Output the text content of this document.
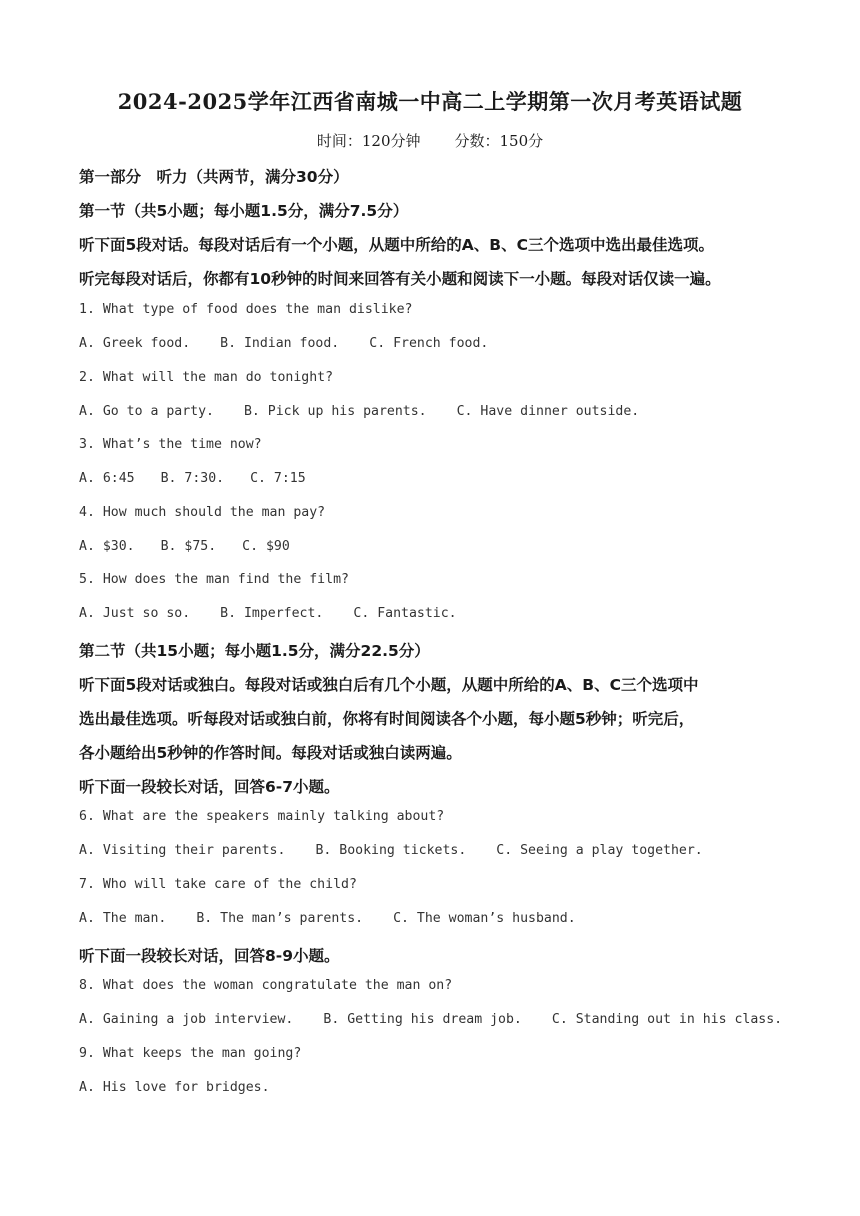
2024-2025学年江西省南城一中高二上学期第一次月考英语试题
时间：120分钟 分数：150分
第一部分　听力（共两节，满分30分）
第一节（共5小题；每小题1.5分，满分7.5分）
听下面5段对话。每段对话后有一个小题，从题中所给的A、B、C三个选项中选出最佳选项。
听完每段对话后，你都有10秒钟的时间来回答有关小题和阅读下一小题。每段对话仅读一遍。
1. What type of food does the man dislike?
A. Greek food. B. Indian food. C. French food.
2. What will the man do tonight?
A. Go to a party. B. Pick up his parents. C. Have dinner outside.
3. What’s the time now?
A. 6:45 B. 7:30. C. 7:15
4. How much should the man pay?
A. $30. B. $75. C. $90
5. How does the man find the film?
A. Just so so. B. Imperfect. C. Fantastic.
第二节（共15小题；每小题1.5分，满分22.5分）
听下面5段对话或独白。每段对话或独白后有几个小题，从题中所给的A、B、C三个选项中
选出最佳选项。听每段对话或独白前，你将有时间阅读各个小题，每小题5秒钟；听完后，
各小题给出5秒钟的作答时间。每段对话或独白读两遍。
听下面一段较长对话，回答6-7小题。
6. What are the speakers mainly talking about?
A. Visiting their parents. B. Booking tickets. C. Seeing a play together.
7. Who will take care of the child?
A. The man. B. The man’s parents. C. The woman’s husband.
听下面一段较长对话，回答8-9小题。
8. What does the woman congratulate the man on?
A. Gaining a job interview. B. Getting his dream job. C. Standing out in his class.
9. What keeps the man going?
A. His love for bridges.
